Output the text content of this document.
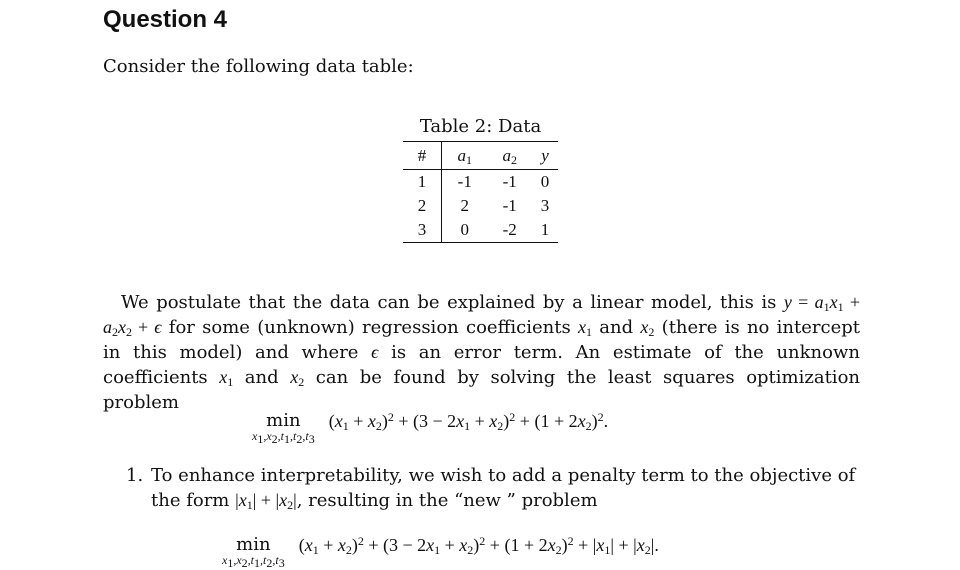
Question 4
Consider the following data table:
Table 2: Data
#	$a_1$	$a_2$	y
1	-1	-1	0
2	2	-1	3
3	0	-2	1
We postulate that the data can be explained by a linear model, this is $y = a_1x_1 + a_2x_2 + \epsilon$ for some (unknown) regression coefficients $x_1$ and $x_2$ (there is no intercept in this model) and where ϵ is an error term. An estimate of the unknown coefficients $x_1$ and $x_2$ can be found by solving the least squares optimization problem
min
$x_1,x_2,t_1,t_2,t_3$
$(x_1 + x_2)^2 + (3 - 2x_1 + x_2)^2 + (1 + 2x_2)^2$.
1. To enhance interpretability, we wish to add a penalty term to the objective of the form $|x_1| + |x_2|$, resulting in the “new ” problem
min
$x_1,x_2,t_1,t_2,t_3$
$(x_1 + x_2)^2 + (3 - 2x_1 + x_2)^2 + (1 + 2x_2)^2 + |x_1| + |x_2|$.
